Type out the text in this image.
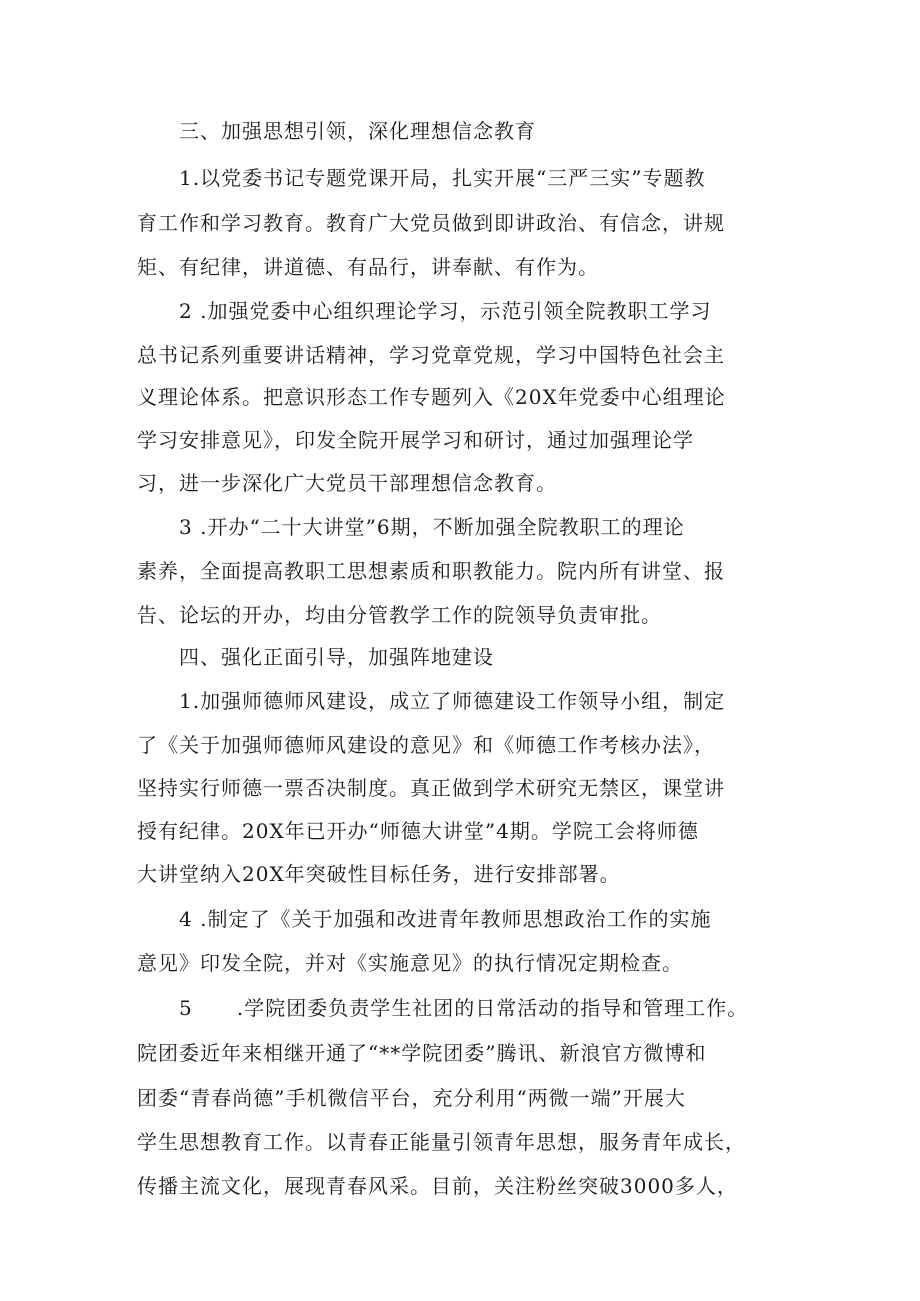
三、加强思想引领，深化理想信念教育

1.以党委书记专题党课开局，扎实开展“三严三实”专题教

育工作和学习教育。教育广大党员做到即讲政治、有信念，讲规

矩、有纪律，讲道德、有品行，讲奉献、有作为。

2 .加强党委中心组织理论学习，示范引领全院教职工学习

总书记系列重要讲话精神，学习党章党规，学习中国特色社会主

义理论体系。把意识形态工作专题列入《20X年党委中心组理论

学习安排意见》，印发全院开展学习和研讨，通过加强理论学

习，进一步深化广大党员干部理想信念教育。

3 .开办“二十大讲堂”6期，不断加强全院教职工的理论

素养，全面提高教职工思想素质和职教能力。院内所有讲堂、报

告、论坛的开办，均由分管教学工作的院领导负责审批。

四、强化正面引导，加强阵地建设

1.加强师德师风建设，成立了师德建设工作领导小组，制定

了《关于加强师德师风建设的意见》和《师德工作考核办法》，

坚持实行师德一票否决制度。真正做到学术研究无禁区，课堂讲

授有纪律。20X年已开办“师德大讲堂”4期。学院工会将师德

大讲堂纳入20X年突破性目标任务，进行安排部署。

4 .制定了《关于加强和改进青年教师思想政治工作的实施

意见》印发全院，并对《实施意见》的执行情况定期检查。

5      .学院团委负责学生社团的日常活动的指导和管理工作。

院团委近年来相继开通了“**学院团委”腾讯、新浪官方微博和

团委“青春尚德”手机微信平台，充分利用“两微一端”开展大

学生思想教育工作。以青春正能量引领青年思想，服务青年成长，

传播主流文化，展现青春风采。目前，关注粉丝突破3000多人，
